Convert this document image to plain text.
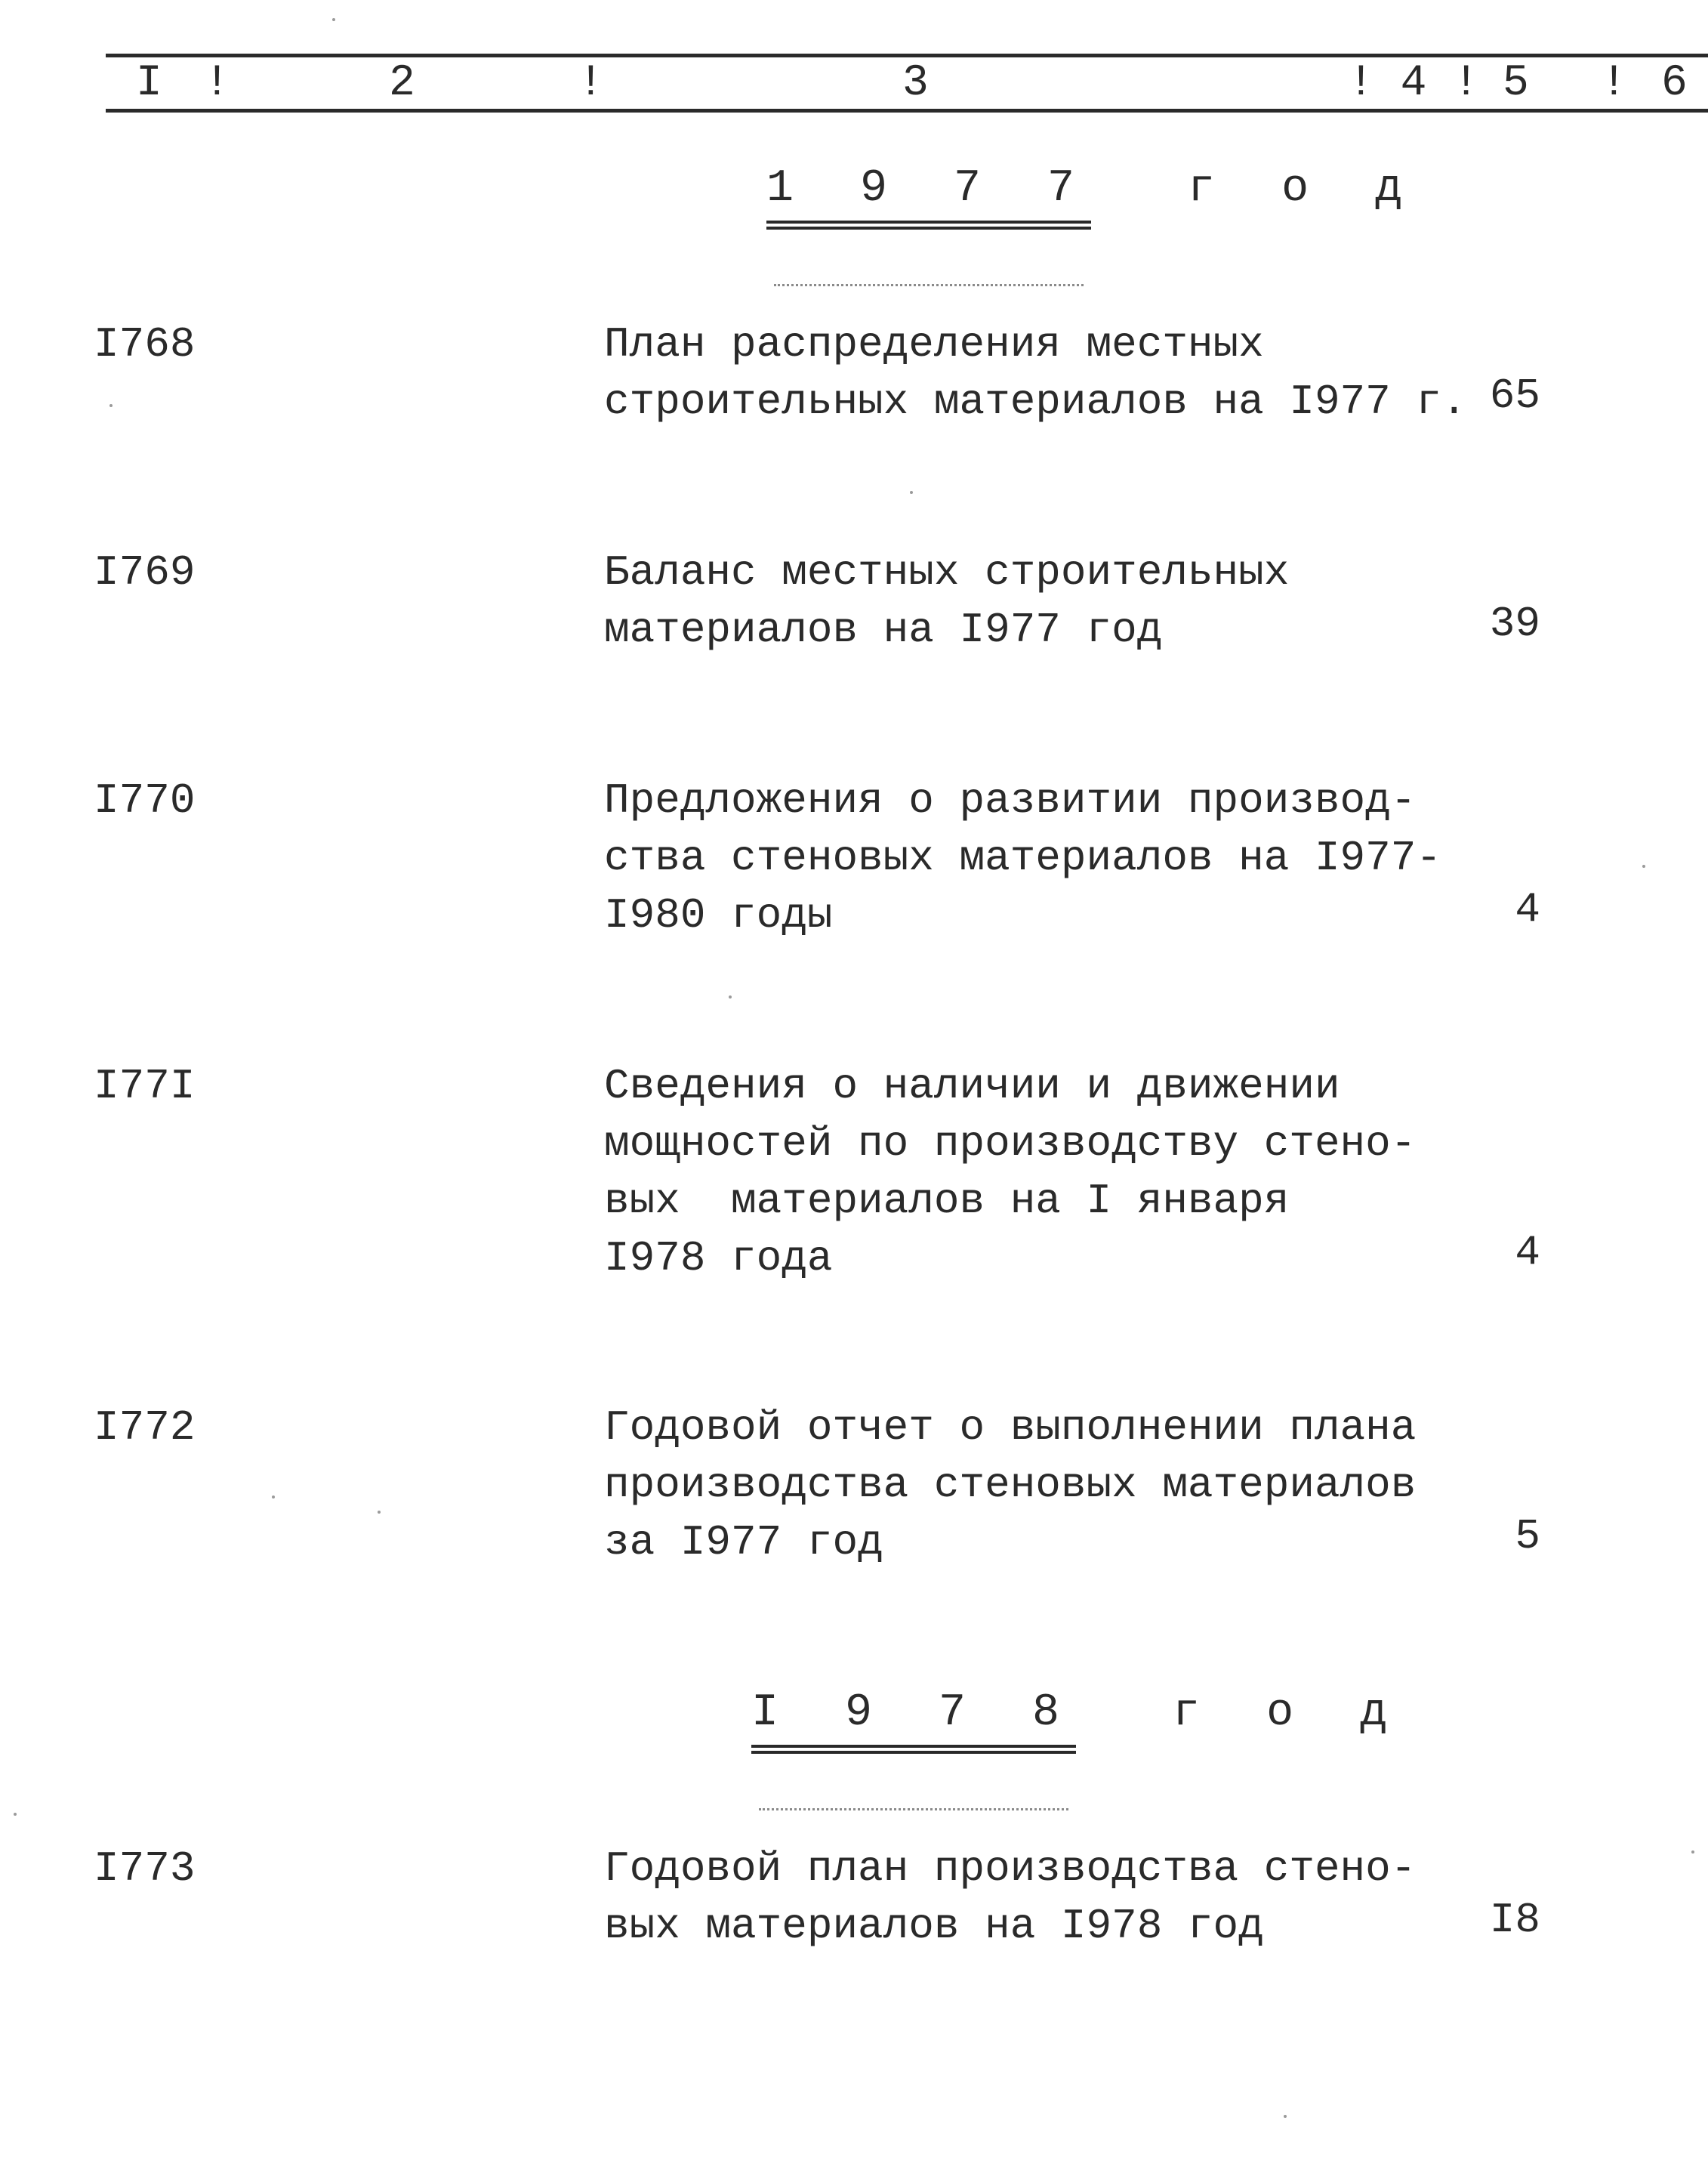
I !	2	!	3	! 4 ! 5 ! 6
1 9 7 7  г о д
I768	План распределения местных
строительных материалов на I977 г. 65
I769	Баланс местных строительных
материалов на I977 год	39
I770	Предложения о развитии производ-
ства стеновых материалов на I977-
I980 годы	4
I77I	Сведения о наличии и движении
мощностей по производству стено-
вых  материалов на I января
I978 года	4
I772	Годовой отчет о выполнении плана
производства стеновых материалов
за I977 год	5
I 9 7 8  г о д
I773	Годовой план производства стено-
вых материалов на I978 год	I8
